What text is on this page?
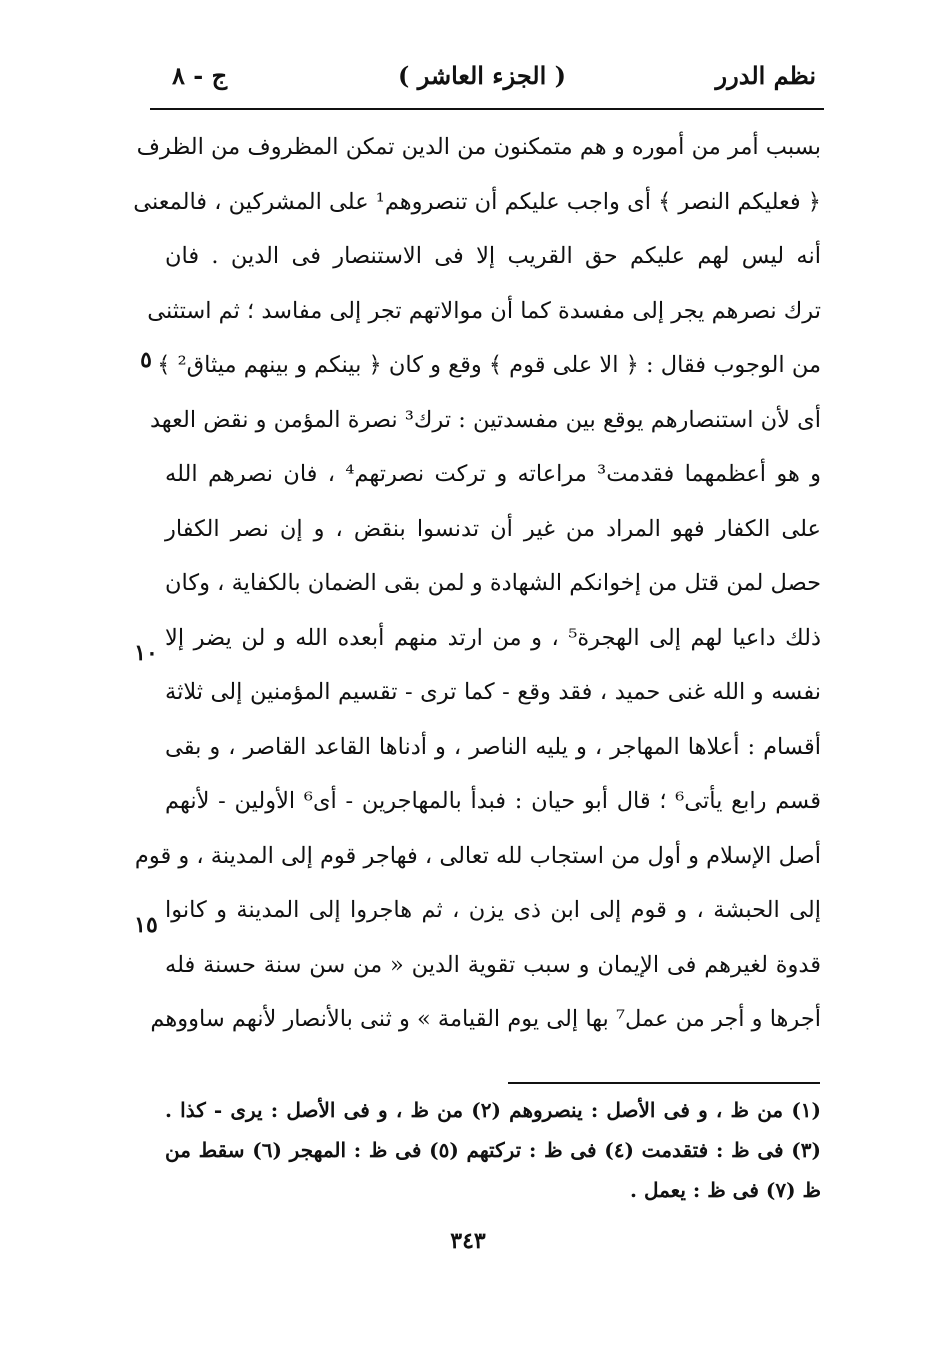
نظم الدرر
( الجزء العاشر )
ج - ٨
بسبب أمر من أموره و هم متمكنون من الدين تمكن المظروف من الظرف
﴿ فعليكم النصر ﴾ أى واجب عليكم أن تنصروهم¹ على المشركين ، فالمعنى
أنه ليس لهم عليكم حق القريب إلا فى الاستنصار فى الدين . فان
ترك نصرهم يجر إلى مفسدة كما أن موالاتهم تجر إلى مفاسد ؛ ثم استثنى
من الوجوب فقال : ﴿ الا على قوم ﴾ وقع و كان ﴿ بينكم و بينهم ميثاق² ﴾
أى لأن استنصارهم يوقع بين مفسدتين : ترك³ نصرة المؤمن و نقض العهد
و هو أعظمهما فقدمت³ مراعاته و تركت نصرتهم⁴ ، فان نصرهم الله
على الكفار فهو المراد من غير أن تدنسوا بنقض ، و إن نصر الكفار
حصل لمن قتل من إخوانكم الشهادة و لمن بقى الضمان بالكفاية ، وكان
ذلك داعيا لهم إلى الهجرة⁵ ، و من ارتد منهم أبعده الله و لن يضر إلا
نفسه و الله غنى حميد ، فقد وقع - كما ترى - تقسيم المؤمنين إلى ثلاثة
أقسام : أعلاها المهاجر ، و يليه الناصر ، و أدناها القاعد القاصر ، و بقى
قسم رابع يأتى⁶ ؛ قال أبو حيان : فبدأ بالمهاجرين - أى⁶ الأولين - لأنهم
أصل الإسلام و أول من استجاب لله تعالى ، فهاجر قوم إلى المدينة ، و قوم
إلى الحبشة ، و قوم إلى ابن ذى يزن ، ثم هاجروا إلى المدينة و كانوا
قدوة لغيرهم فى الإيمان و سبب تقوية الدين « من سن سنة حسنة فله
أجرها و أجر من عمل⁷ بها إلى يوم القيامة » و ثنى بالأنصار لأنهم ساووهم
٥
١٠
١٥
(١) من ظ ، و فى الأصل : ينصروهم (٢) من ظ ، و فى الأصل : يرى - كذا .
(٣) فى ظ : فتقدمت (٤) فى ظ : تركتهم (٥) فى ظ : المهجر (٦) سقط من
ظ (٧) فى ظ : يعمل .
٣٤٣
